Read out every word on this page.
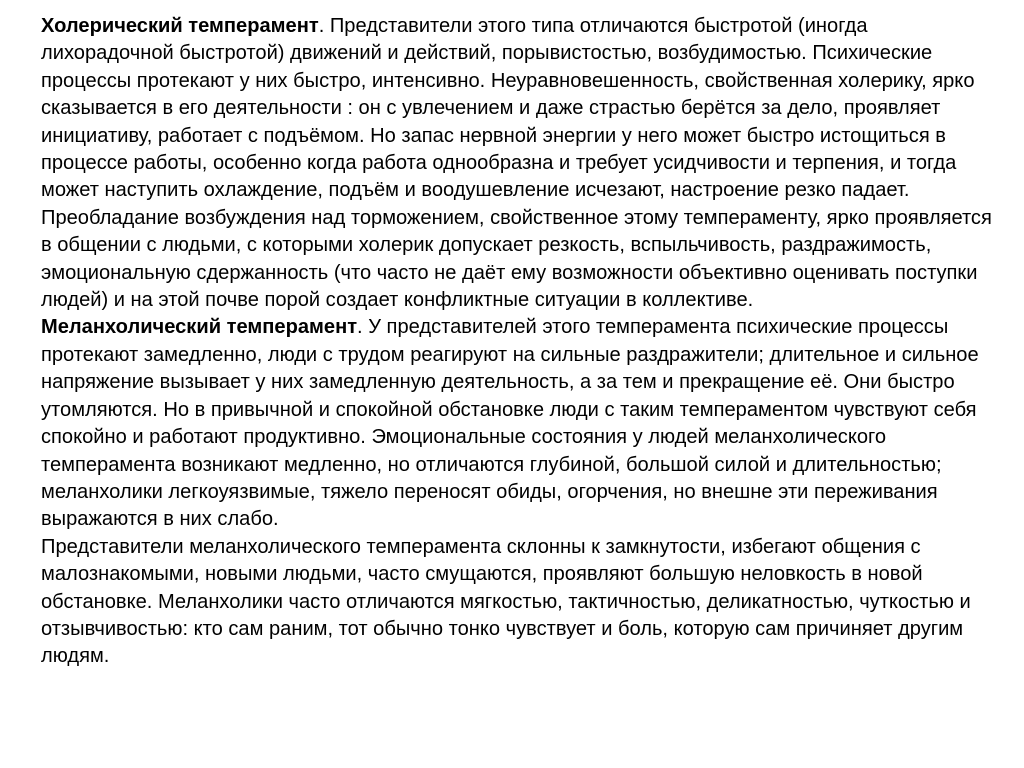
Холерический темперамент. Представители этого типа отличаются быстротой (иногда лихорадочной быстротой) движений и действий, порывистостью, возбудимостью. Психические процессы протекают у них быстро, интенсивно. Неуравновешенность, свойственная холерику, ярко сказывается в его деятельности : он с увлечением и даже страстью берётся за дело, проявляет инициативу, работает с подъёмом. Но запас нервной энергии у него может быстро истощиться в процессе работы, особенно когда работа однообразна и требует усидчивости и терпения, и тогда может наступить охлаждение, подъём и воодушевление исчезают, настроение резко падает. Преобладание возбуждения над торможением, свойственное этому темпераменту, ярко проявляется в общении с людьми, с которыми холерик допускает резкость, вспыльчивость, раздражимость, эмоциональную сдержанность (что часто не даёт ему возможности объективно оценивать поступки людей) и на этой почве порой создает конфликтные ситуации в коллективе.

Меланхолический темперамент. У представителей этого темперамента психические процессы протекают замедленно, люди с трудом реагируют на сильные раздражители; длительное и сильное напряжение вызывает у них замедленную деятельность, а за тем и прекращение её. Они быстро утомляются. Но в привычной и спокойной обстановке люди с таким темпераментом чувствуют себя спокойно и работают продуктивно. Эмоциональные состояния у людей меланхолического темперамента возникают медленно, но отличаются глубиной, большой силой и длительностью; меланхолики легкоуязвимые, тяжело переносят обиды, огорчения, но внешне эти переживания выражаются в них слабо.

Представители меланхолического темперамента склонны к замкнутости, избегают общения с малознакомыми, новыми людьми, часто смущаются, проявляют большую неловкость в новой обстановке. Меланхолики часто отличаются мягкостью, тактичностью, деликатностью, чуткостью и отзывчивостью: кто сам раним, тот обычно тонко чувствует и боль, которую сам причиняет другим людям.
